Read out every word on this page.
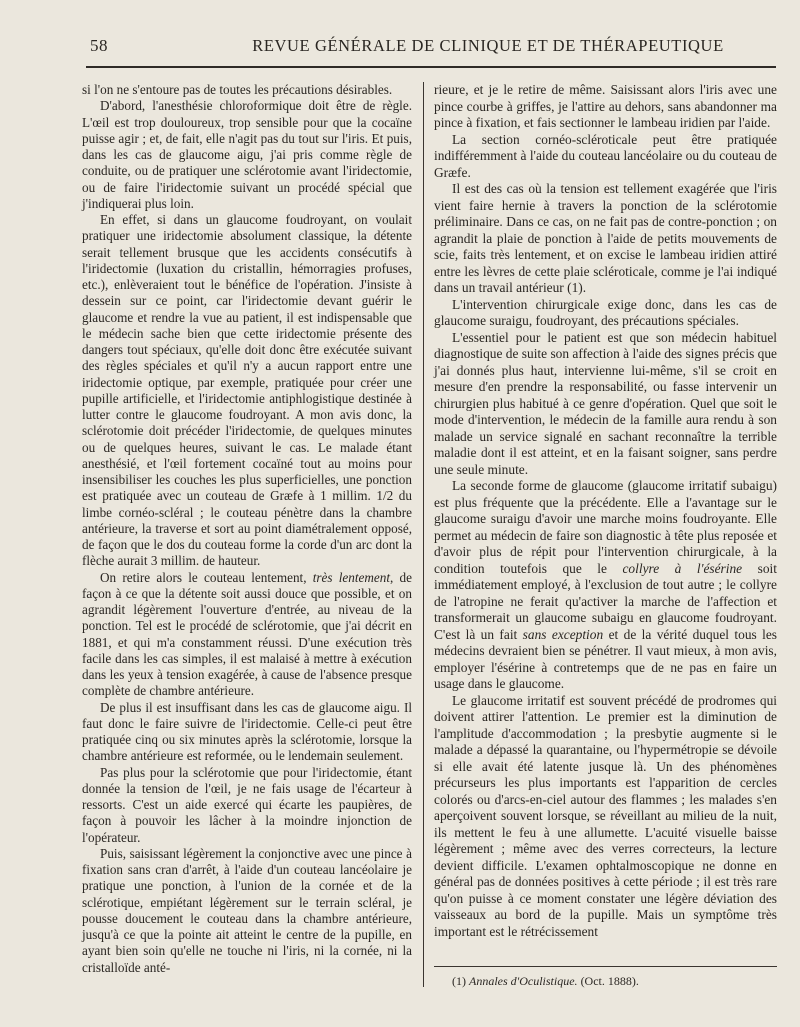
58	REVUE GÉNÉRALE DE CLINIQUE ET DE THÉRAPEUTIQUE

si l'on ne s'entoure pas de toutes les précautions désirables.

D'abord, l'anesthésie chloroformique doit être de règle. L'œil est trop douloureux, trop sensible pour que la cocaïne puisse agir ; et, de fait, elle n'agit pas du tout sur l'iris. Et puis, dans les cas de glaucome aigu, j'ai pris comme règle de conduite, ou de pratiquer une sclérotomie avant l'iridectomie, ou de faire l'iridectomie suivant un procédé spécial que j'indiquerai plus loin.

En effet, si dans un glaucome foudroyant, on voulait pratiquer une iridectomie absolument classique, la détente serait tellement brusque que les accidents consécutifs à l'iridectomie (luxation du cristallin, hémorragies profuses, etc.), enlèveraient tout le bénéfice de l'opération. J'insiste à dessein sur ce point, car l'iridectomie devant guérir le glaucome et rendre la vue au patient, il est indispensable que le médecin sache bien que cette iridectomie présente des dangers tout spéciaux, qu'elle doit donc être exécutée suivant des règles spéciales et qu'il n'y a aucun rapport entre une iridectomie optique, par exemple, pratiquée pour créer une pupille artificielle, et l'iridectomie antiphlogistique destinée à lutter contre le glaucome foudroyant. A mon avis donc, la sclérotomie doit précéder l'iridectomie, de quelques minutes ou de quelques heures, suivant le cas. Le malade étant anesthésié, et l'œil fortement cocaïné tout au moins pour insensibiliser les couches les plus superficielles, une ponction est pratiquée avec un couteau de Græfe à 1 millim. 1/2 du limbe cornéo-scléral ; le couteau pénètre dans la chambre antérieure, la traverse et sort au point diamétralement opposé, de façon que le dos du couteau forme la corde d'un arc dont la flèche aurait 3 millim. de hauteur.

On retire alors le couteau lentement, très lentement, de façon à ce que la détente soit aussi douce que possible, et on agrandit légèrement l'ouverture d'entrée, au niveau de la ponction. Tel est le procédé de sclérotomie, que j'ai décrit en 1881, et qui m'a constamment réussi. D'une exécution très facile dans les cas simples, il est malaisé à mettre à exécution dans les yeux à tension exagérée, à cause de l'absence presque complète de chambre antérieure.

De plus il est insuffisant dans les cas de glaucome aigu. Il faut donc le faire suivre de l'iridectomie. Celle-ci peut être pratiquée cinq ou six minutes après la sclérotomie, lorsque la chambre antérieure est reformée, ou le lendemain seulement.

Pas plus pour la sclérotomie que pour l'iridectomie, étant donnée la tension de l'œil, je ne fais usage de l'écarteur à ressorts. C'est un aide exercé qui écarte les paupières, de façon à pouvoir les lâcher à la moindre injonction de l'opérateur.

Puis, saisissant légèrement la conjonctive avec une pince à fixation sans cran d'arrêt, à l'aide d'un couteau lancéolaire je pratique une ponction, à l'union de la cornée et de la sclérotique, empiétant légèrement sur le terrain scléral, je pousse doucement le couteau dans la chambre antérieure, jusqu'à ce que la pointe ait atteint le centre de la pupille, en ayant bien soin qu'elle ne touche ni l'iris, ni la cornée, ni la cristalloïde anté-

rieure, et je le retire de même. Saisissant alors l'iris avec une pince courbe à griffes, je l'attire au dehors, sans abandonner ma pince à fixation, et fais sectionner le lambeau iridien par l'aide.

La section cornéo-scléroticale peut être pratiquée indifféremment à l'aide du couteau lancéolaire ou du couteau de Græfe.

Il est des cas où la tension est tellement exagérée que l'iris vient faire hernie à travers la ponction de la sclérotomie préliminaire. Dans ce cas, on ne fait pas de contre-ponction ; on agrandit la plaie de ponction à l'aide de petits mouvements de scie, faits très lentement, et on excise le lambeau iridien attiré entre les lèvres de cette plaie scléroticale, comme je l'ai indiqué dans un travail antérieur (1).

L'intervention chirurgicale exige donc, dans les cas de glaucome suraigu, foudroyant, des précautions spéciales.

L'essentiel pour le patient est que son médecin habituel diagnostique de suite son affection à l'aide des signes précis que j'ai donnés plus haut, intervienne lui-même, s'il se croit en mesure d'en prendre la responsabilité, ou fasse intervenir un chirurgien plus habitué à ce genre d'opération. Quel que soit le mode d'intervention, le médecin de la famille aura rendu à son malade un service signalé en sachant reconnaître la terrible maladie dont il est atteint, et en la faisant soigner, sans perdre une seule minute.

La seconde forme de glaucome (glaucome irritatif subaigu) est plus fréquente que la précédente. Elle a l'avantage sur le glaucome suraigu d'avoir une marche moins foudroyante. Elle permet au médecin de faire son diagnostic à tête plus reposée et d'avoir plus de répit pour l'intervention chirurgicale, à la condition toutefois que le collyre à l'ésérine soit immédiatement employé, à l'exclusion de tout autre ; le collyre de l'atropine ne ferait qu'activer la marche de l'affection et transformerait un glaucome subaigu en glaucome foudroyant. C'est là un fait sans exception et de la vérité duquel tous les médecins devraient bien se pénétrer. Il vaut mieux, à mon avis, employer l'ésérine à contretemps que de ne pas en faire un usage dans le glaucome.

Le glaucome irritatif est souvent précédé de prodromes qui doivent attirer l'attention. Le premier est la diminution de l'amplitude d'accommodation ; la presbytie augmente si le malade a dépassé la quarantaine, ou l'hypermétropie se dévoile si elle avait été latente jusque là. Un des phénomènes précurseurs les plus importants est l'apparition de cercles colorés ou d'arcs-en-ciel autour des flammes ; les malades s'en aperçoivent souvent lorsque, se réveillant au milieu de la nuit, ils mettent le feu à une allumette. L'acuité visuelle baisse légèrement ; même avec des verres correcteurs, la lecture devient difficile. L'examen ophtalmoscopique ne donne en général pas de données positives à cette période ; il est très rare qu'on puisse à ce moment constater une légère déviation des vaisseaux au bord de la pupille. Mais un symptôme très important est le rétrécissement

(1) Annales d'Oculistique. (Oct. 1888).
